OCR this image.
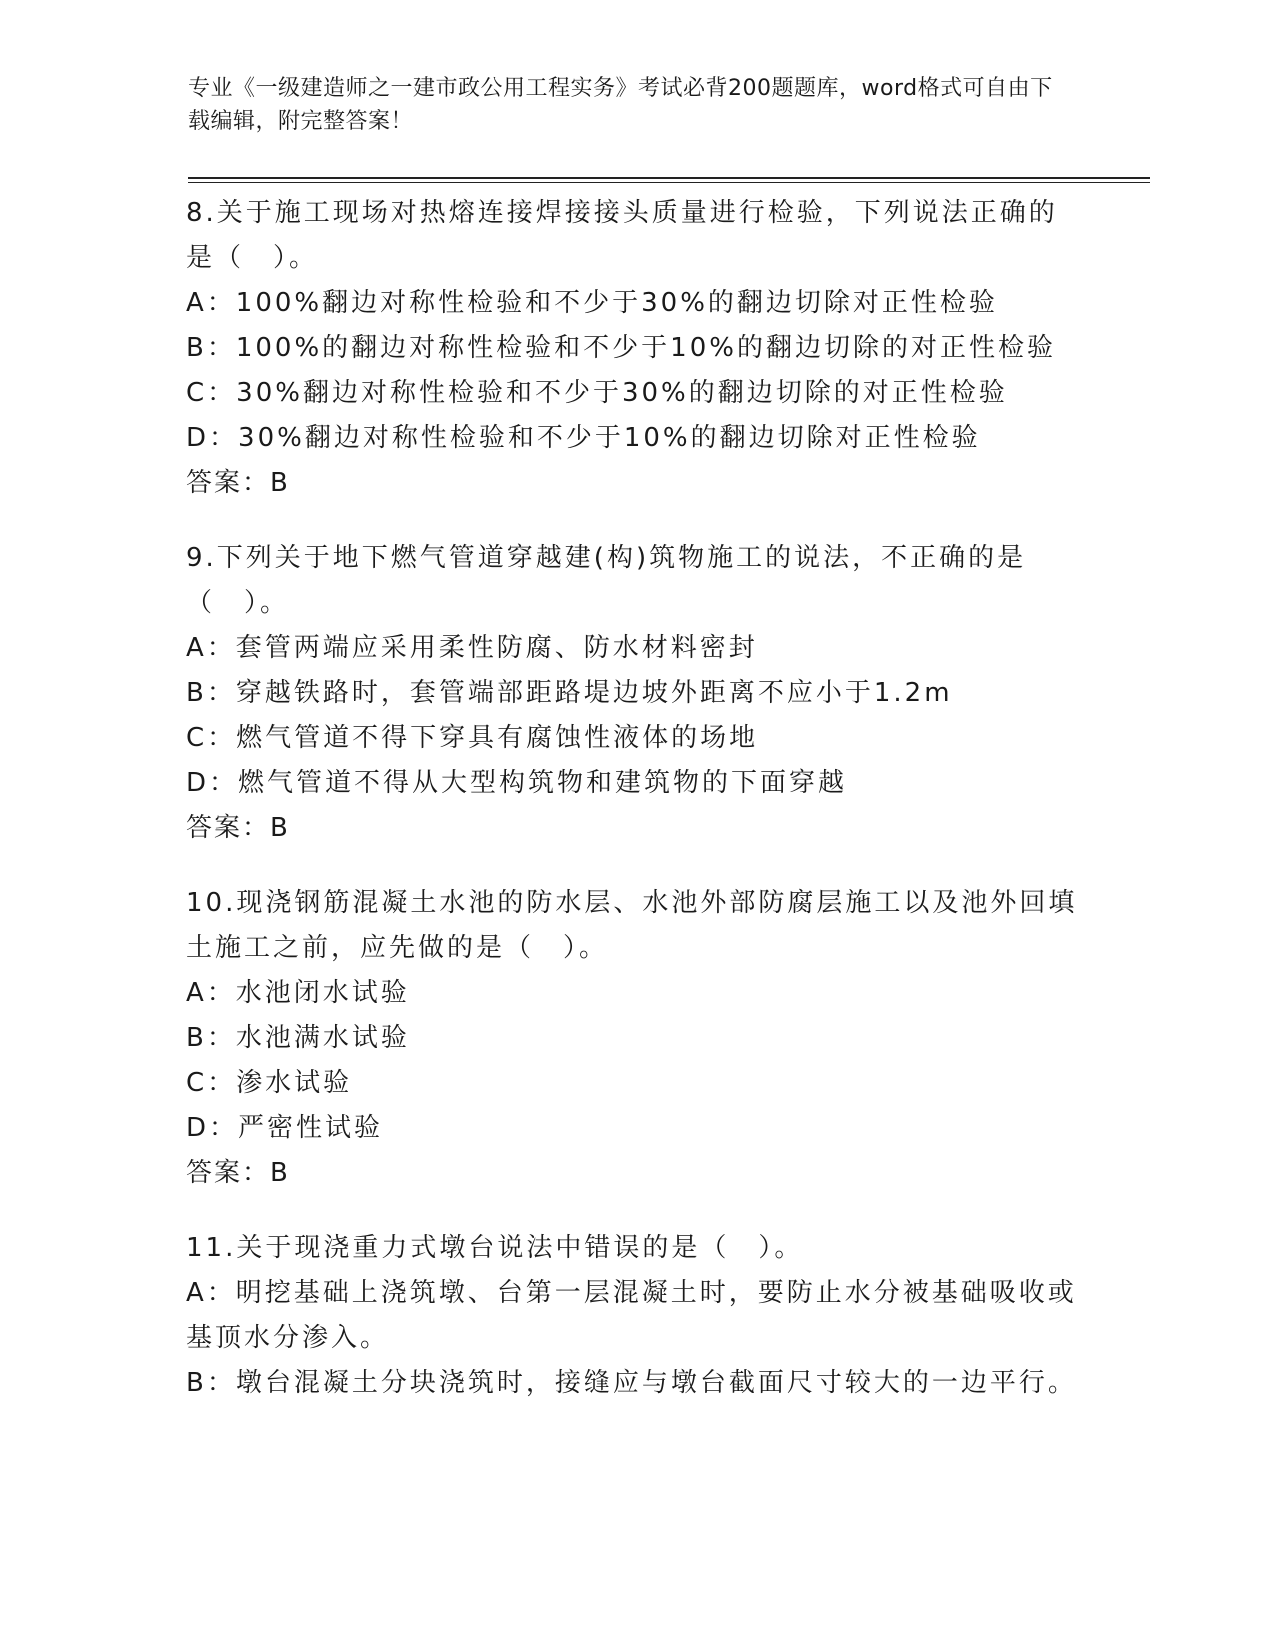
专业《一级建造师之一建市政公用工程实务》考试必背200题题库，word格式可自由下载编辑，附完整答案！

8.关于施工现场对热熔连接焊接接头质量进行检验，下列说法正确的是（　）。

A：100%翻边对称性检验和不少于30%的翻边切除对正性检验

B：100%的翻边对称性检验和不少于10%的翻边切除的对正性检验

C：30%翻边对称性检验和不少于30%的翻边切除的对正性检验

D：30%翻边对称性检验和不少于10%的翻边切除对正性检验

答案：B

9.下列关于地下燃气管道穿越建(构)筑物施工的说法，不正确的是（　）。

A：套管两端应采用柔性防腐、防水材料密封

B：穿越铁路时，套管端部距路堤边坡外距离不应小于1.2m

C：燃气管道不得下穿具有腐蚀性液体的场地

D：燃气管道不得从大型构筑物和建筑物的下面穿越

答案：B

10.现浇钢筋混凝土水池的防水层、水池外部防腐层施工以及池外回填土施工之前，应先做的是（　）。

A：水池闭水试验

B：水池满水试验

C：渗水试验

D：严密性试验

答案：B

11.关于现浇重力式墩台说法中错误的是（　）。

A：明挖基础上浇筑墩、台第一层混凝土时，要防止水分被基础吸收或基顶水分渗入。

B：墩台混凝土分块浇筑时，接缝应与墩台截面尺寸较大的一边平行。
